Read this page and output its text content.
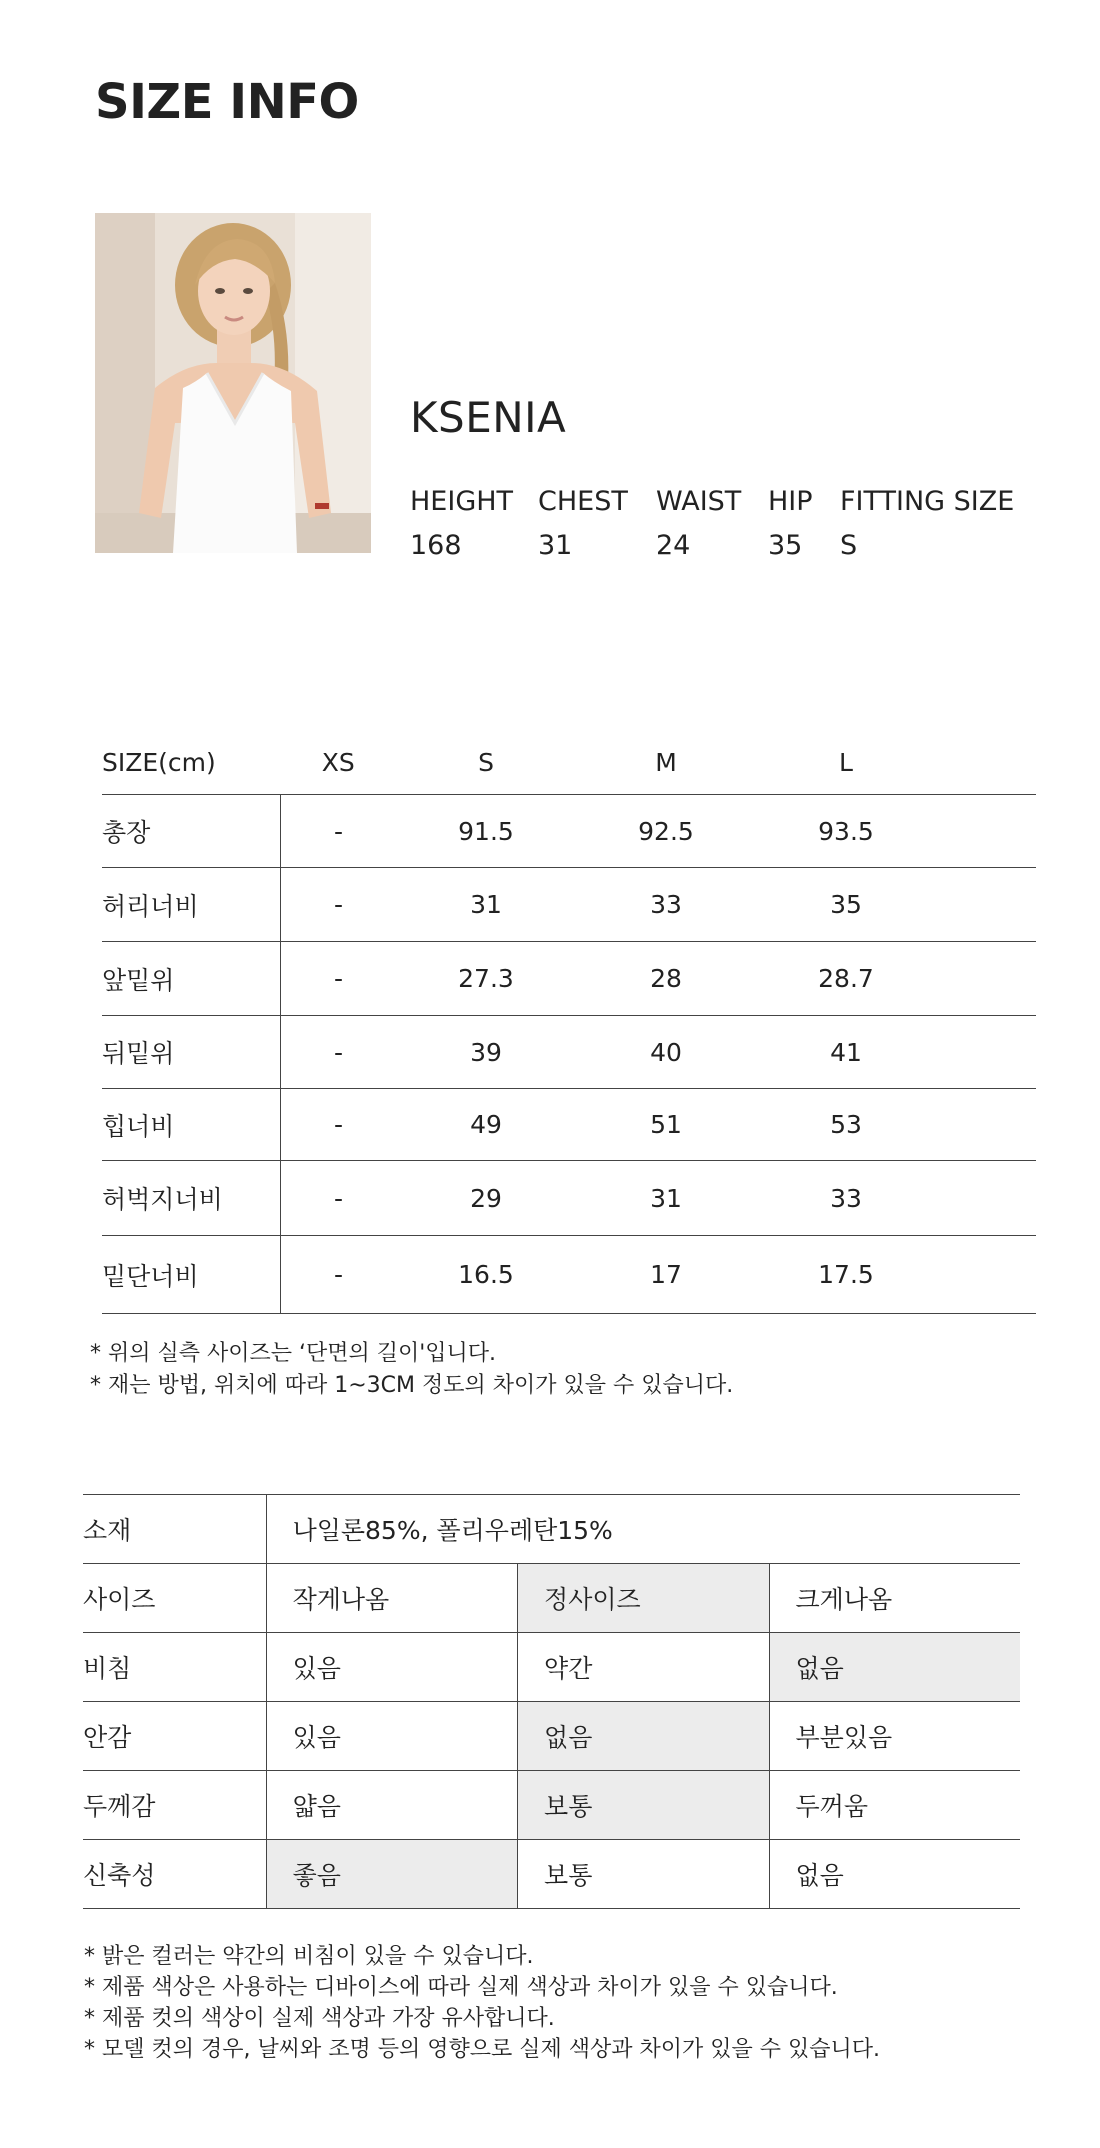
SIZE INFO
KSENIA
HEIGHT
168
CHEST
31
WAIST
24
HIP
35
FITTING SIZE
S
SIZE(cm)	XS	S	M	L	
총장	-	91.5	92.5	93.5	
허리너비	-	31	33	35	
앞밑위	-	27.3	28	28.7	
뒤밑위	-	39	40	41	
힙너비	-	49	51	53	
허벅지너비	-	29	31	33	
밑단너비	-	16.5	17	17.5	
* 위의 실측 사이즈는 ‘단면의 길이'입니다.
* 재는 방법, 위치에 따라 1~3CM 정도의 차이가 있을 수 있습니다.
소재	나일론85%, 폴리우레탄15%		
사이즈	작게나옴	정사이즈	크게나옴
비침	있음	약간	없음
안감	있음	없음	부분있음
두께감	얇음	보통	두꺼움
신축성	좋음	보통	없음
* 밝은 컬러는 약간의 비침이 있을 수 있습니다.
* 제품 색상은 사용하는 디바이스에 따라 실제 색상과 차이가 있을 수 있습니다.
* 제품 컷의 색상이 실제 색상과 가장 유사합니다.
* 모델 컷의 경우, 날씨와 조명 등의 영향으로 실제 색상과 차이가 있을 수 있습니다.
